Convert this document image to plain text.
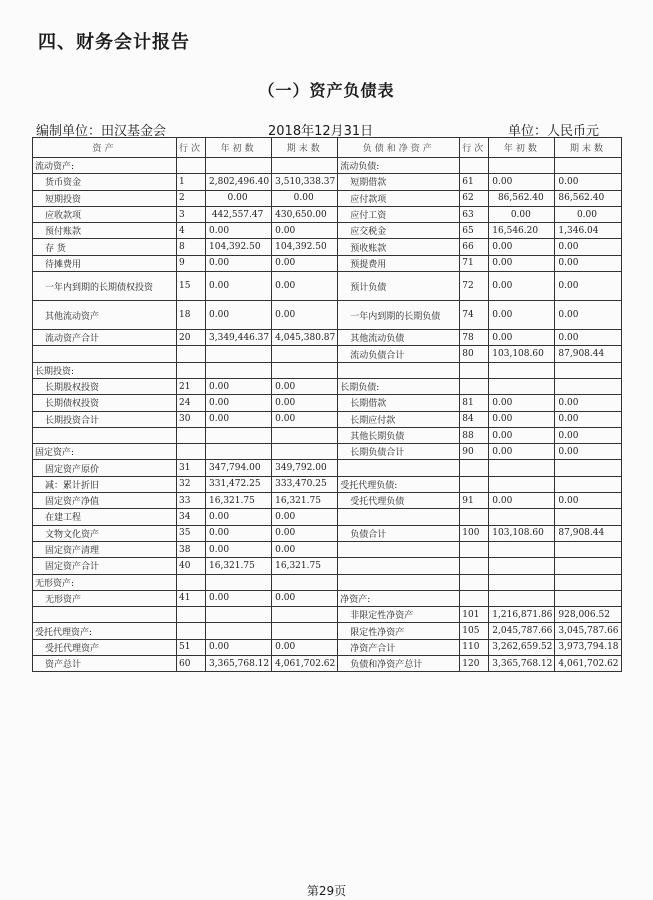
四、财务会计报告
（一）资产负债表
编制单位：田汉基金会	2018年12月31日	单位：人民币元
资产	行次	年初数	期末数	负债和净资产	行次	年初数	期末数
流动资产:				流动负债:			
货币资金	1	2,802,496.40	3,510,338.37	短期借款	61	0.00	0.00
短期投资	2	0.00	0.00	应付款项	62	86,562.40	86,562.40
应收款项	3	442,557.47	430,650.00	应付工资	63	0.00	0.00
预付账款	4	0.00	0.00	应交税金	65	16,546.20	1,346.04
存 货	8	104,392.50	104,392.50	预收账款	66	0.00	0.00
待摊费用	9	0.00	0.00	预提费用	71	0.00	0.00
一年内到期的长期债权投资	15	0.00	0.00	预计负债	72	0.00	0.00
其他流动资产	18	0.00	0.00	一年内到期的长期负债	74	0.00	0.00
流动资产合计	20	3,349,446.37	4,045,380.87	其他流动负债	78	0.00	0.00
				流动负债合计	80	103,108.60	87,908.44
长期投资:							
长期股权投资	21	0.00	0.00	长期负债:			
长期债权投资	24	0.00	0.00	长期借款	81	0.00	0.00
长期投资合计	30	0.00	0.00	长期应付款	84	0.00	0.00
				其他长期负债	88	0.00	0.00
固定资产:				长期负债合计	90	0.00	0.00
固定资产原价	31	347,794.00	349,792.00				
减：累计折旧	32	331,472.25	333,470.25	受托代理负债:			
固定资产净值	33	16,321.75	16,321.75	受托代理负债	91	0.00	0.00
在建工程	34	0.00	0.00				
文物文化资产	35	0.00	0.00	负债合计	100	103,108.60	87,908.44
固定资产清理	38	0.00	0.00				
固定资产合计	40	16,321.75	16,321.75				
无形资产:							
无形资产	41	0.00	0.00	净资产:			
				非限定性净资产	101	1,216,871.86	928,006.52
受托代理资产:				限定性净资产	105	2,045,787.66	3,045,787.66
受托代理资产	51	0.00	0.00	净资产合计	110	3,262,659.52	3,973,794.18
资产总计	60	3,365,768.12	4,061,702.62	负债和净资产总计	120	3,365,768.12	4,061,702.62
第29页
